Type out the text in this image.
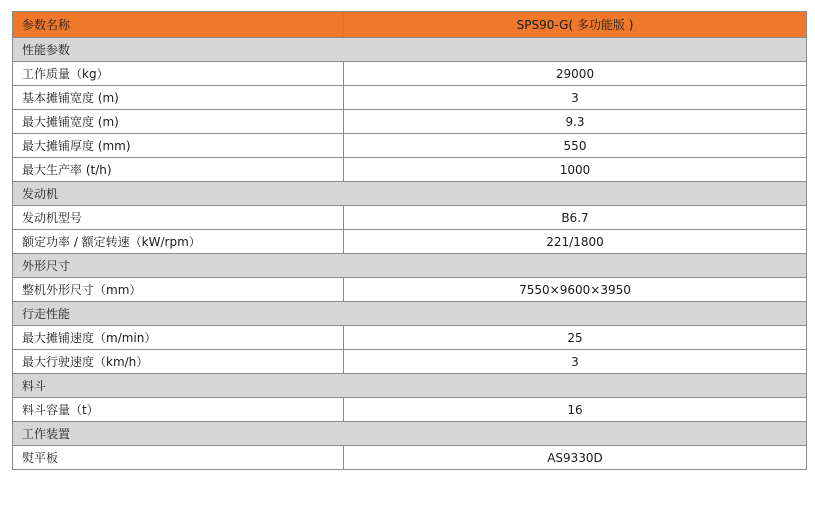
参数名称	SPS90-G( 多功能版 )
性能参数	
工作质量（kg）	29000
基本摊铺宽度 (m)	3
最大摊铺宽度 (m)	9.3
最大摊铺厚度 (mm)	550
最大生产率 (t/h)	1000
发动机	
发动机型号	B6.7
额定功率 / 额定转速（kW/rpm）	221/1800
外形尺寸	
整机外形尺寸（mm）	7550×9600×3950
行走性能	
最大摊铺速度（m/min）	25
最大行驶速度（km/h）	3
料斗	
料斗容量（t）	16
工作装置	
熨平板	AS9330D
